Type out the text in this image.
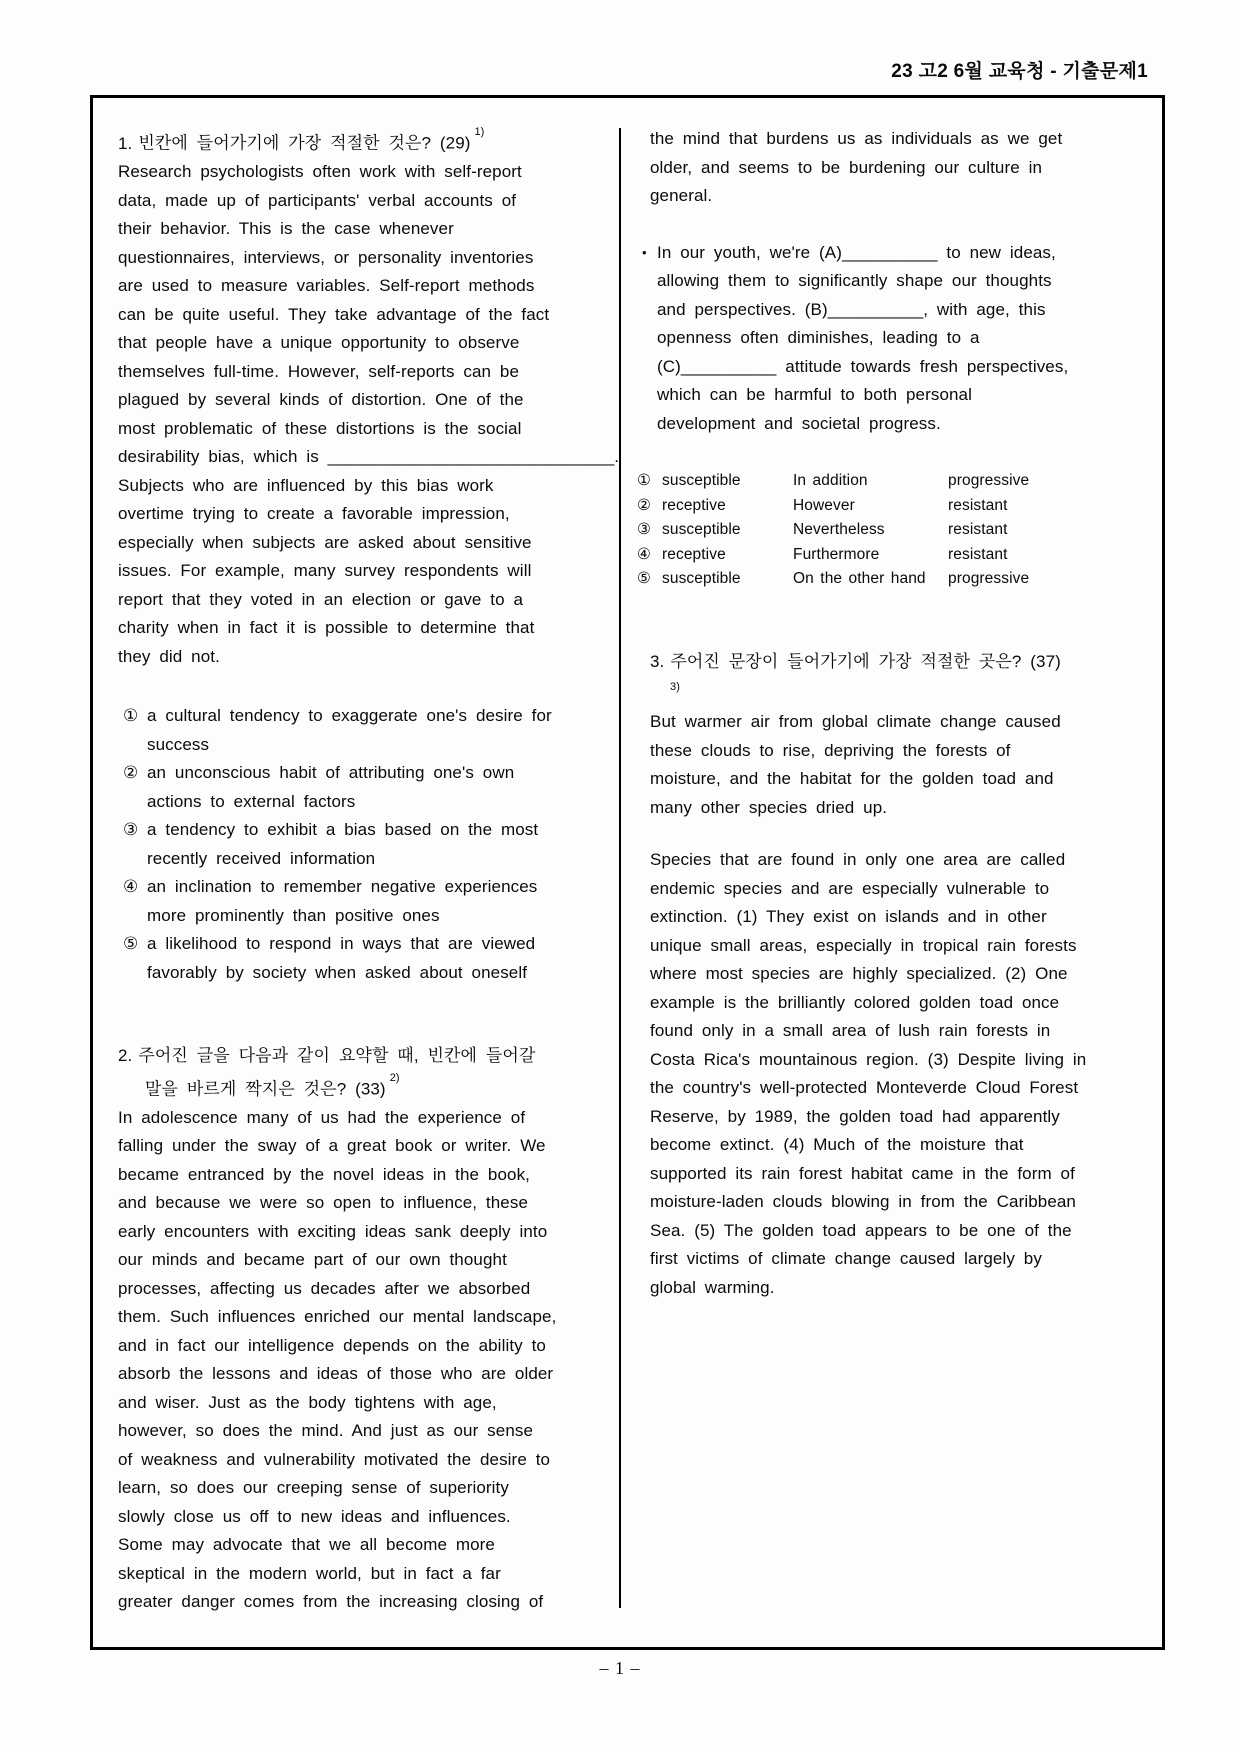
23 고2 6월 교육청 - 기출문제1
1. 빈칸에 들어가기에 가장 적절한 것은? (29)$^{1)}$
Research psychologists often work with self-report
data, made up of participants' verbal accounts of
their behavior. This is the case whenever
questionnaires, interviews, or personality inventories
are used to measure variables. Self-report methods
can be quite useful. They take advantage of the fact
that people have a unique opportunity to observe
themselves full-time. However, self-reports can be
plagued by several kinds of distortion. One of the
most problematic of these distortions is the social
desirability bias, which is ______________________________.
Subjects who are influenced by this bias work
overtime trying to create a favorable impression,
especially when subjects are asked about sensitive
issues. For example, many survey respondents will
report that they voted in an election or gave to a
charity when in fact it is possible to determine that
they did not.
① a cultural tendency to exaggerate one's desire for
success
② an unconscious habit of attributing one's own
actions to external factors
③ a tendency to exhibit a bias based on the most
recently received information
④ an inclination to remember negative experiences
more prominently than positive ones
⑤ a likelihood to respond in ways that are viewed
favorably by society when asked about oneself
2. 주어진 글을 다음과 같이 요약할 때, 빈칸에 들어갈
말을 바르게 짝지은 것은? (33)$^{2)}$
In adolescence many of us had the experience of
falling under the sway of a great book or writer. We
became entranced by the novel ideas in the book,
and because we were so open to influence, these
early encounters with exciting ideas sank deeply into
our minds and became part of our own thought
processes, affecting us decades after we absorbed
them. Such influences enriched our mental landscape,
and in fact our intelligence depends on the ability to
absorb the lessons and ideas of those who are older
and wiser. Just as the body tightens with age,
however, so does the mind. And just as our sense
of weakness and vulnerability motivated the desire to
learn, so does our creeping sense of superiority
slowly close us off to new ideas and influences.
Some may advocate that we all become more
skeptical in the modern world, but in fact a far
greater danger comes from the increasing closing of
the mind that burdens us as individuals as we get
older, and seems to be burdening our culture in
general.
• In our youth, we're (A)__________ to new ideas,
allowing them to significantly shape our thoughts
and perspectives. (B)__________, with age, this
openness often diminishes, leading to a
(C)__________ attitude towards fresh perspectives,
which can be harmful to both personal
development and societal progress.
① susceptible	In addition	progressive
② receptive	However	resistant
③ susceptible	Nevertheless	resistant
④ receptive	Furthermore	resistant
⑤ susceptible	On the other hand	progressive
3. 주어진 문장이 들어가기에 가장 적절한 곳은? (37)
3)
But warmer air from global climate change caused
these clouds to rise, depriving the forests of
moisture, and the habitat for the golden toad and
many other species dried up.
Species that are found in only one area are called
endemic species and are especially vulnerable to
extinction. (1) They exist on islands and in other
unique small areas, especially in tropical rain forests
where most species are highly specialized. (2) One
example is the brilliantly colored golden toad once
found only in a small area of lush rain forests in
Costa Rica's mountainous region. (3) Despite living in
the country's well-protected Monteverde Cloud Forest
Reserve, by 1989, the golden toad had apparently
become extinct. (4) Much of the moisture that
supported its rain forest habitat came in the form of
moisture-laden clouds blowing in from the Caribbean
Sea. (5) The golden toad appears to be one of the
first victims of climate change caused largely by
global warming.
– 1 –
